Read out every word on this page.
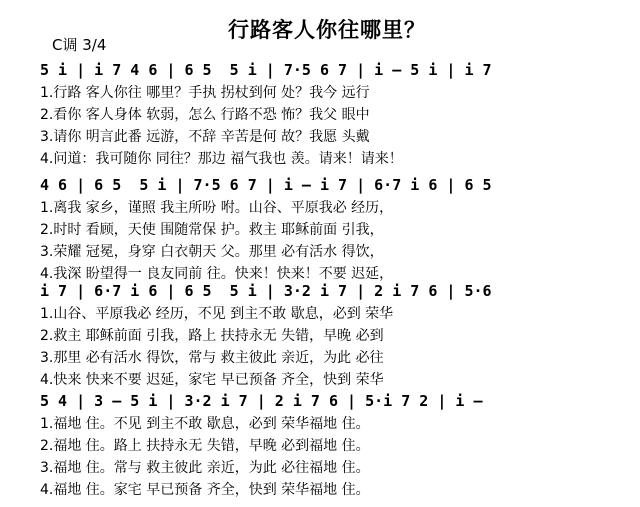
C调 3/4
行路客人你往哪里？
5 i | i 7 4 6 | 6 5  5 i | 7·5 6 7 | i – 5 i | i 7
1.行路 客人你往 哪里？手执 拐杖到何 处？我今 远行
2.看你 客人身体 软弱，怎么 行路不恐 怖？我父 眼中
3.请你 明言此番 远游，不辞 辛苦是何 故？我愿 头戴
4.问道：我可随你 同往？那边 福气我也 羡。请来！请来！
4 6 | 6 5  5 i | 7·5 6 7 | i – i 7 | 6·7 i 6 | 6 5
1.离我 家乡，谨照 我主所吩 咐。山谷、平原我必 经历，
2.时时 看顾，天使 围随常保 护。救主 耶稣前面 引我，
3.荣耀 冠冕，身穿 白衣朝天 父。那里 必有活水 得饮，
4.我深 盼望得一 良友同前 往。快来！快来！不要 迟延，
i 7 | 6·7 i 6 | 6 5  5 i | 3·2 i 7 | 2 i 7 6 | 5·6
1.山谷、平原我必 经历，不见 到主不敢 歇息，必到 荣华
2.救主 耶稣前面 引我，路上 扶持永无 失错，早晚 必到
3.那里 必有活水 得饮，常与 救主彼此 亲近，为此 必往
4.快来 快来不要 迟延，家宅 早已预备 齐全，快到 荣华
5 4 | 3 – 5 i | 3·2 i 7 | 2 i 7 6 | 5·i 7 2 | i –
1.福地 住。不见 到主不敢 歇息，必到 荣华福地 住。
2.福地 住。路上 扶持永无 失错，早晚 必到福地 住。
3.福地 住。常与 救主彼此 亲近，为此 必往福地 住。
4.福地 住。家宅 早已预备 齐全，快到 荣华福地 住。
